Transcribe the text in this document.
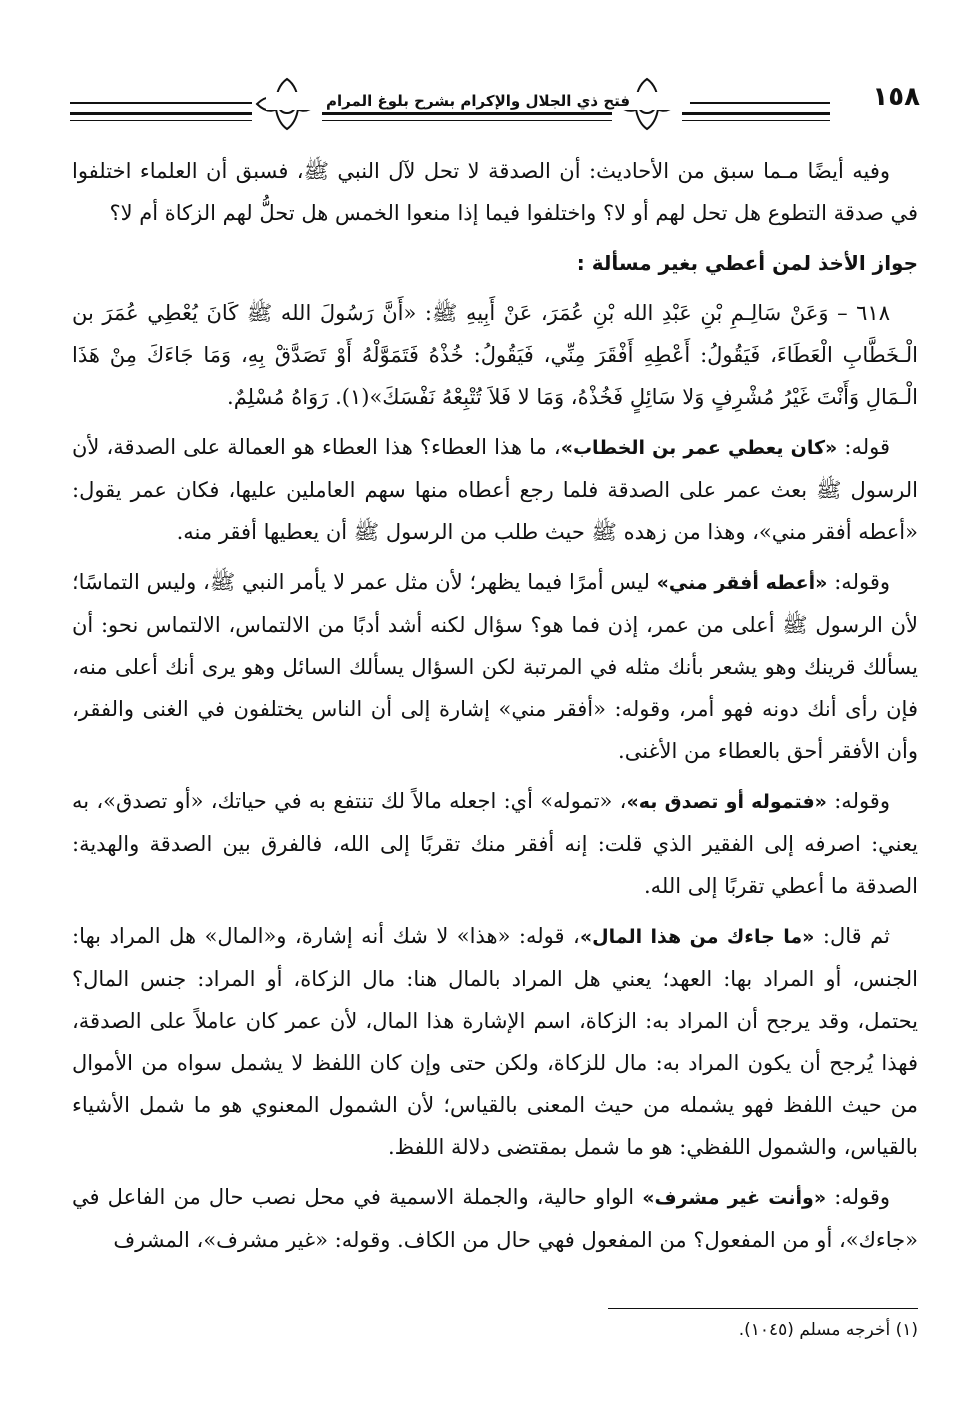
فتح ذي الجلال والإكرام بشرح بلوغ المرام	١٥٨

وفيه أيضًا مـما سبق من الأحاديث: أن الصدقة لا تحل لآل النبي ﷺ، فسبق أن العلماء اختلفوا في صدقة التطوع هل تحل لهم أو لا؟ واختلفوا فيما إذا منعوا الخمس هل تحلُّ لهم الزكاة أم لا؟

جواز الأخذ لمن أعطي بغير مسألة :

٦١٨ – وَعَنْ سَالِـمِ بْنِ عَبْدِ الله بْنِ عُمَرَ، عَنْ أَبِيهِ ﷺ: «أَنَّ رَسُولَ الله ﷺ كَانَ يُعْطِي عُمَرَ بن الْـخَطَّابِ الْعَطَاءَ، فَيَقُولُ: أَعْطِهِ أَفْقَرَ مِنِّي، فَيَقُولُ: خُذْهُ فَتَمَوَّلْهُ أَوْ تَصَدَّقْ بِهِ، وَمَا جَاءَكَ مِنْ هَذَا الْـمَالِ وَأَنْتَ غَيْرُ مُشْرِفٍ وَلا سَائِلٍ فَخُذْهُ، وَمَا لا فَلاَ تُتْبِعْهُ نَفْسَكَ»(١). رَوَاهُ مُسْلِمٌ.

قوله: «كان يعطي عمر بن الخطاب»، ما هذا العطاء؟ هذا العطاء هو العمالة على الصدقة، لأن الرسول ﷺ بعث عمر على الصدقة فلما رجع أعطاه منها سهم العاملين عليها، فكان عمر يقول: «أعطه أفقر مني»، وهذا من زهده ﷺ حيث طلب من الرسول ﷺ أن يعطيها أفقر منه.

وقوله: «أعطه أفقر مني» ليس أمرًا فيما يظهر؛ لأن مثل عمر لا يأمر النبي ﷺ، وليس التماسًا؛ لأن الرسول ﷺ أعلى من عمر، إذن فما هو؟ سؤال لكنه أشد أدبًا من الالتماس، الالتماس نحو: أن يسألك قرينك وهو يشعر بأنك مثله في المرتبة لكن السؤال يسألك السائل وهو يرى أنك أعلى منه، فإن رأى أنك دونه فهو أمر، وقوله: «أفقر مني» إشارة إلى أن الناس يختلفون في الغنى والفقر، وأن الأفقر أحق بالعطاء من الأغنى.

وقوله: «فتموله أو تصدق به»، «تموله» أي: اجعله مالاً لك تنتفع به في حياتك، «أو تصدق»، به يعني: اصرفه إلى الفقير الذي قلت: إنه أفقر منك تقربًا إلى الله، فالفرق بين الصدقة والهدية: الصدقة ما أعطي تقربًا إلى الله.

ثم قال: «ما جاءك من هذا المال»، قوله: «هذا» لا شك أنه إشارة، و«المال» هل المراد بها: الجنس، أو المراد بها: العهد؛ يعني هل المراد بالمال هنا: مال الزكاة، أو المراد: جنس المال؟ يحتمل، وقد يرجح أن المراد به: الزكاة، اسم الإشارة هذا المال، لأن عمر كان عاملاً على الصدقة، فهذا يُرجح أن يكون المراد به: مال للزكاة، ولكن حتى وإن كان اللفظ لا يشمل سواه من الأموال من حيث اللفظ فهو يشمله من حيث المعنى بالقياس؛ لأن الشمول المعنوي هو ما شمل الأشياء بالقياس، والشمول اللفظي: هو ما شمل بمقتضى دلالة اللفظ.

وقوله: «وأنت غير مشرف» الواو حالية، والجملة الاسمية في محل نصب حال من الفاعل في «جاءك»، أو من المفعول؟ من المفعول فهي حال من الكاف. وقوله: «غير مشرف»، المشرف

(١) أخرجه مسلم (١٠٤٥).
